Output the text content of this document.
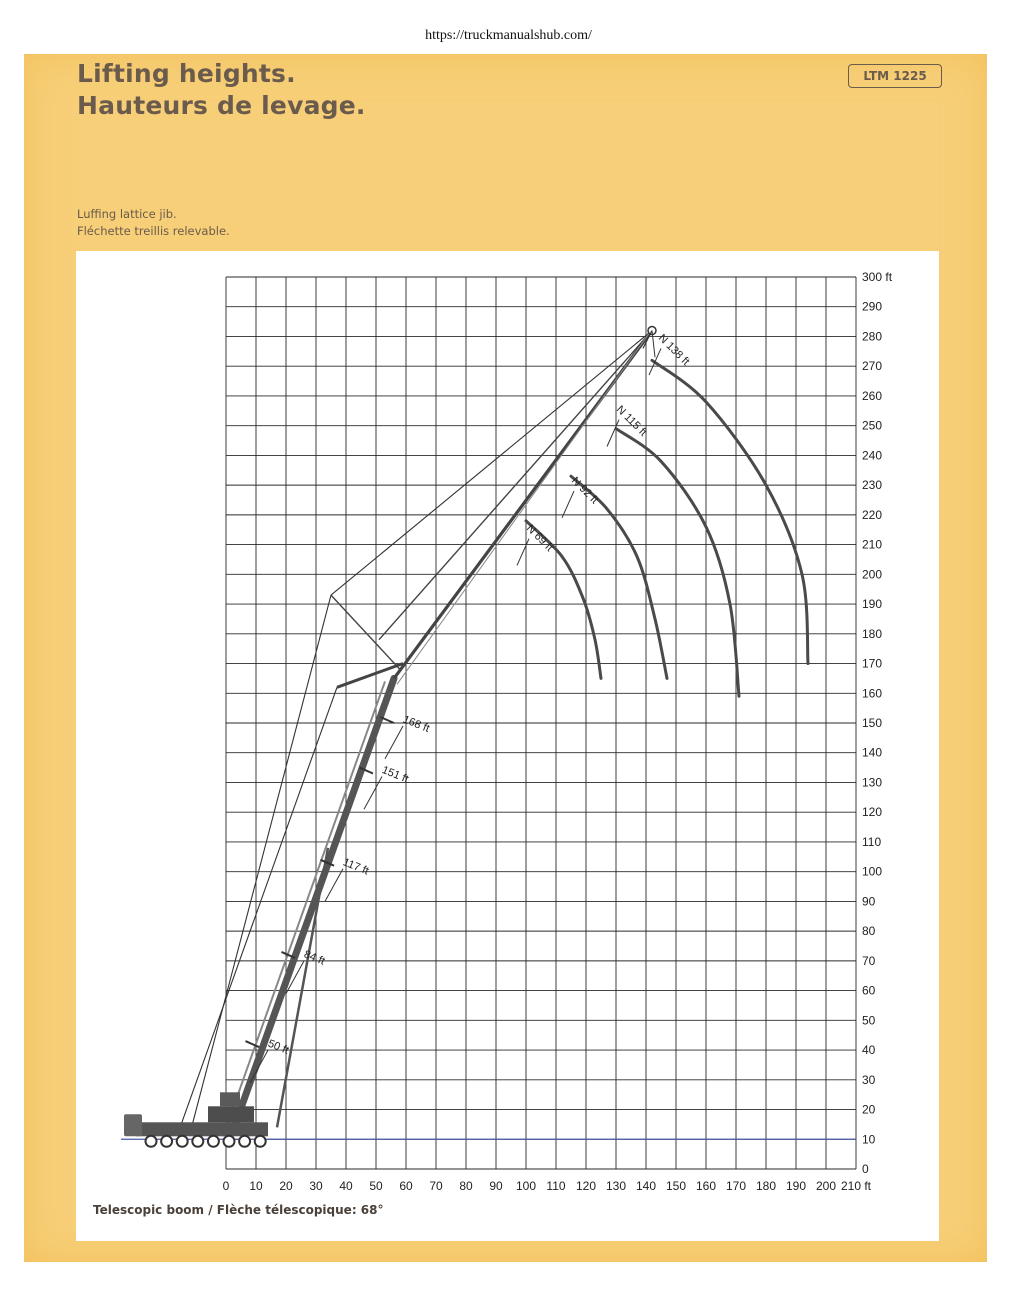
https://truckmanualshub.com/
Lifting heights.
Hauteurs de levage.
LTM 1225
Luffing lattice jib.
Fléchette treillis relevable.
0 10 20 30 40 50 60 70 80 90 100 110 120 130 140 150 160 170 180 190 200 210 ft
0
10
20
30
40
50
60
70
80
90
100
110
120
130
140
150
160
170
180
190
200
210
220
230
240
250
260
270
280
290
300 ft
50 ft
84 ft
117 ft
151 ft
168 ft
N 69 ft
N 92 ft
N 115 ft
N 138 ft
Telescopic boom / Flèche télescopique: 68°
